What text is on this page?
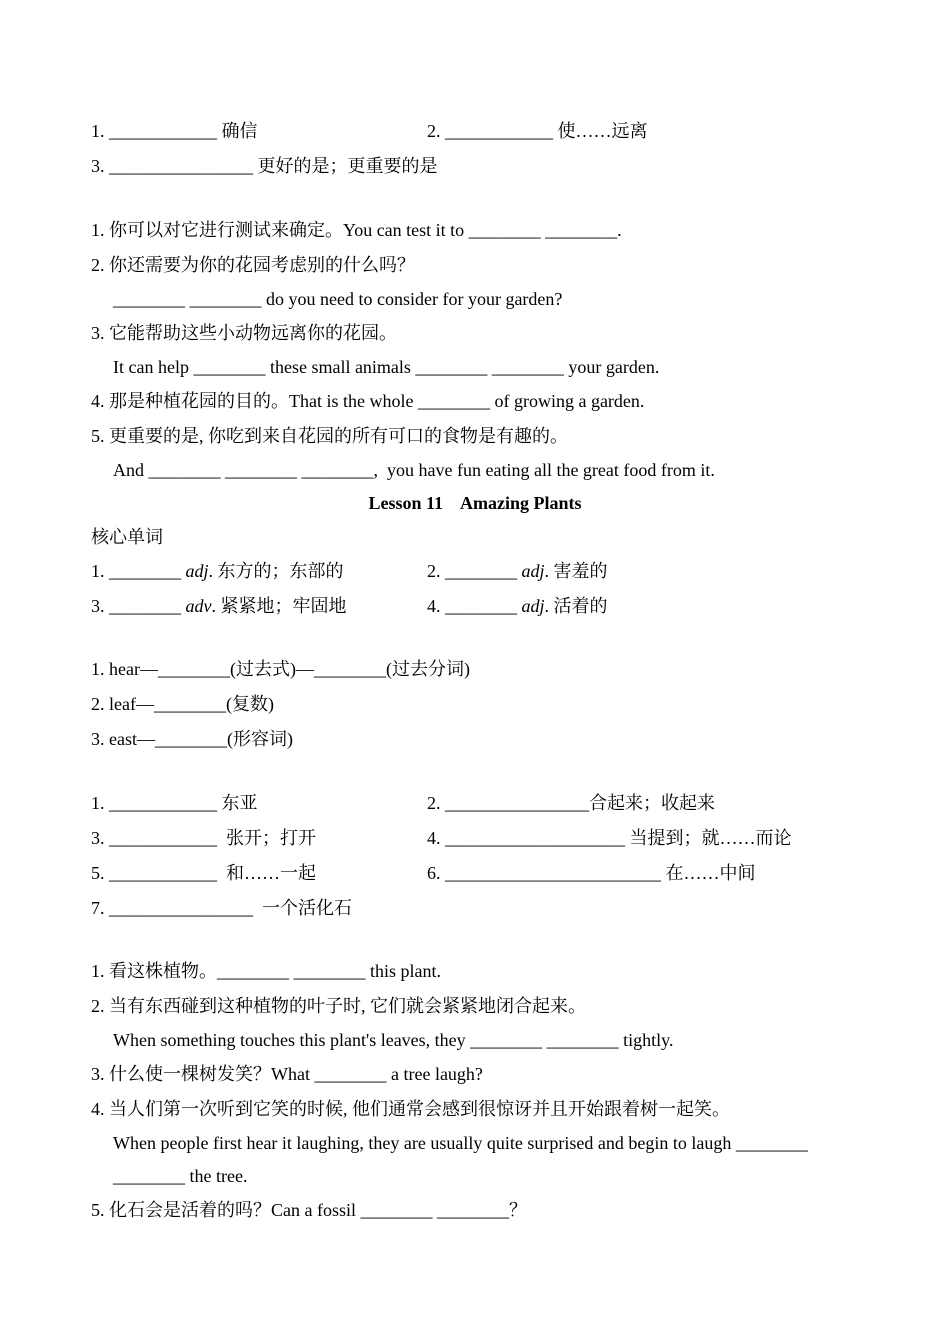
1. ____________ 确信	2. ____________ 使……远离
3. ________________ 更好的是；更重要的是
1. 你可以对它进行测试来确定。You can test it to ________ ________.
2. 你还需要为你的花园考虑别的什么吗？
________ ________ do you need to consider for your garden?
3. 它能帮助这些小动物远离你的花园。
It can help ________ these small animals ________ ________ your garden.
4. 那是种植花园的目的。That is the whole ________ of growing a garden.
5. 更重要的是, 你吃到来自花园的所有可口的食物是有趣的。
And ________ ________ ________,  you have fun eating all the great food from it.
Lesson 11    Amazing Plants
核心单词
1. ________ adj. 东方的；东部的	2. ________ adj. 害羞的
3. ________ adv. 紧紧地；牢固地	4. ________ adj. 活着的
1. hear—________(过去式)—________(过去分词)
2. leaf—________(复数)
3. east—________(形容词)
1. ____________ 东亚	2. ________________合起来；收起来
3. ____________  张开；打开	4. ____________________ 当提到；就……而论
5. ____________  和……一起	6. ________________________ 在……中间
7. ________________  一个活化石
1. 看这株植物。________ ________ this plant.
2. 当有东西碰到这种植物的叶子时, 它们就会紧紧地闭合起来。
When something touches this plant's leaves, they ________ ________ tightly.
3. 什么使一棵树发笑？What ________ a tree laugh?
4. 当人们第一次听到它笑的时候, 他们通常会感到很惊讶并且开始跟着树一起笑。
When people first hear it laughing, they are usually quite surprised and begin to laugh ________
________ the tree.
5. 化石会是活着的吗？Can a fossil ________ ________？
